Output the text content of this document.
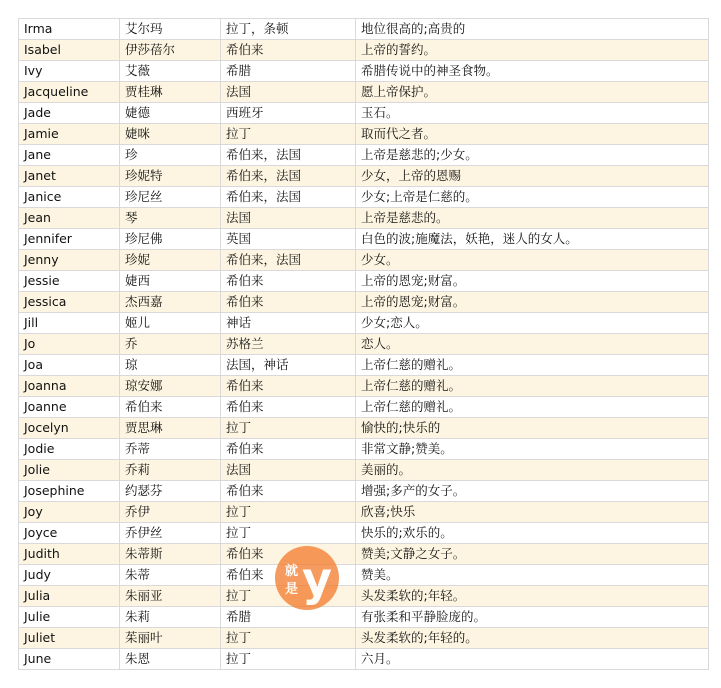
Irma	艾尔玛	拉丁，条顿	地位很高的;高贵的
Isabel	伊莎蓓尔	希伯来	上帝的誓约。
Ivy	艾薇	希腊	希腊传说中的神圣食物。
Jacqueline	贾桂琳	法国	愿上帝保护。
Jade	婕德	西班牙	玉石。
Jamie	婕咪	拉丁	取而代之者。
Jane	珍	希伯来，法国	上帝是慈悲的;少女。
Janet	珍妮特	希伯来，法国	少女，上帝的恩赐
Janice	珍尼丝	希伯来，法国	少女;上帝是仁慈的。
Jean	琴	法国	上帝是慈悲的。
Jennifer	珍尼佛	英国	白色的波;施魔法，妖艳，迷人的女人。
Jenny	珍妮	希伯来，法国	少女。
Jessie	婕西	希伯来	上帝的恩宠;财富。
Jessica	杰西嘉	希伯来	上帝的恩宠;财富。
Jill	姬儿	神话	少女;恋人。
Jo	乔	苏格兰	恋人。
Joa	琼	法国，神话	上帝仁慈的赠礼。
Joanna	琼安娜	希伯来	上帝仁慈的赠礼。
Joanne	希伯来	希伯来	上帝仁慈的赠礼。
Jocelyn	贾思琳	拉丁	愉快的;快乐的
Jodie	乔蒂	希伯来	非常文静;赞美。
Jolie	乔莉	法国	美丽的。
Josephine	约瑟芬	希伯来	增强;多产的女子。
Joy	乔伊	拉丁	欣喜;快乐
Joyce	乔伊丝	拉丁	快乐的;欢乐的。
Judith	朱蒂斯	希伯来	赞美;文静之女子。
Judy	朱蒂	希伯来	赞美。
Julia	朱丽亚	拉丁	头发柔软的;年轻。
Julie	朱莉	希腊	有张柔和平静脸庞的。
Juliet	茱丽叶	拉丁	头发柔软的;年轻的。
June	朱恩	拉丁	六月。
就
是 y
